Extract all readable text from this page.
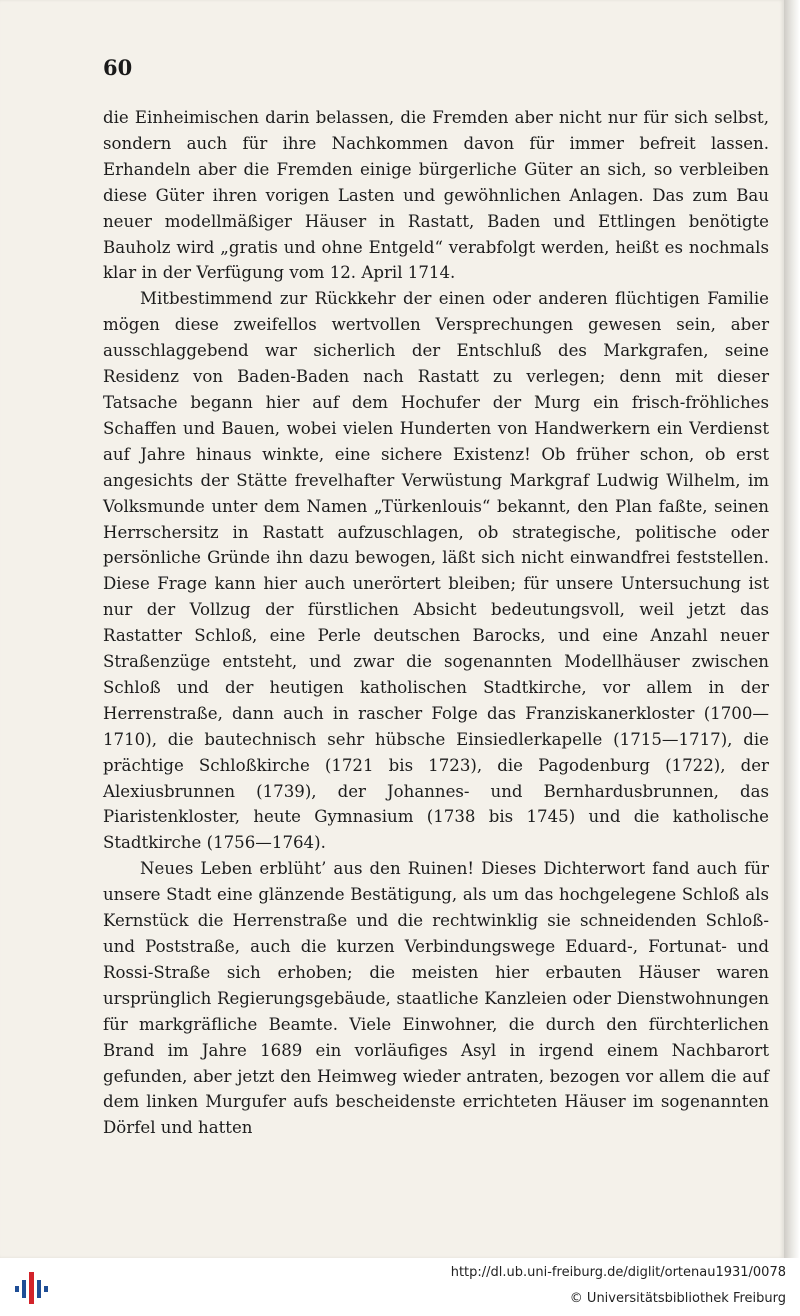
60

die Einheimischen darin belassen, die Fremden aber nicht nur für sich selbst, sondern auch für ihre Nachkommen davon für immer befreit lassen. Erhandeln aber die Fremden einige bürgerliche Güter an sich, so verbleiben diese Güter ihren vorigen Lasten und gewöhnlichen Anlagen. Das zum Bau neuer modellmäßiger Häuser in Rastatt, Baden und Ettlingen benötigte Bauholz wird „gratis und ohne Entgeld“ verabfolgt werden, heißt es nochmals klar in der Verfügung vom 12. April 1714.

Mitbestimmend zur Rückkehr der einen oder anderen flüchtigen Familie mögen diese zweifellos wertvollen Versprechungen gewesen sein, aber ausschlaggebend war sicherlich der Entschluß des Markgrafen, seine Residenz von Baden-Baden nach Rastatt zu verlegen; denn mit dieser Tatsache begann hier auf dem Hochufer der Murg ein frisch-fröhliches Schaffen und Bauen, wobei vielen Hunderten von Handwerkern ein Verdienst auf Jahre hinaus winkte, eine sichere Existenz! Ob früher schon, ob erst angesichts der Stätte frevelhafter Verwüstung Markgraf Ludwig Wilhelm, im Volksmunde unter dem Namen „Türkenlouis“ bekannt, den Plan faßte, seinen Herrschersitz in Rastatt aufzuschlagen, ob strategische, politische oder persönliche Gründe ihn dazu bewogen, läßt sich nicht einwandfrei feststellen. Diese Frage kann hier auch unerörtert bleiben; für unsere Untersuchung ist nur der Vollzug der fürstlichen Absicht bedeutungsvoll, weil jetzt das Rastatter Schloß, eine Perle deutschen Barocks, und eine Anzahl neuer Straßenzüge entsteht, und zwar die sogenannten Modellhäuser zwischen Schloß und der heutigen katholischen Stadtkirche, vor allem in der Herrenstraße, dann auch in rascher Folge das Franziskanerkloster (1700—1710), die bautechnisch sehr hübsche Einsiedlerkapelle (1715—1717), die prächtige Schloßkirche (1721 bis 1723), die Pagodenburg (1722), der Alexiusbrunnen (1739), der Johannes- und Bernhardusbrunnen, das Piaristenkloster, heute Gymnasium (1738 bis 1745) und die katholische Stadtkirche (1756—1764).

Neues Leben erblüht’ aus den Ruinen! Dieses Dichterwort fand auch für unsere Stadt eine glänzende Bestätigung, als um das hochgelegene Schloß als Kernstück die Herrenstraße und die rechtwinklig sie schneidenden Schloß- und Poststraße, auch die kurzen Verbindungswege Eduard-, Fortunat- und Rossi-Straße sich erhoben; die meisten hier erbauten Häuser waren ursprünglich Regierungsgebäude, staatliche Kanzleien oder Dienstwohnungen für markgräfliche Beamte. Viele Einwohner, die durch den fürchterlichen Brand im Jahre 1689 ein vorläufiges Asyl in irgend einem Nachbarort gefunden, aber jetzt den Heimweg wieder antraten, bezogen vor allem die auf dem linken Murgufer aufs bescheidenste errichteten Häuser im sogenannten Dörfel und hatten

http://dl.ub.uni-freiburg.de/diglit/ortenau1931/0078
© Universitätsbibliothek Freiburg
